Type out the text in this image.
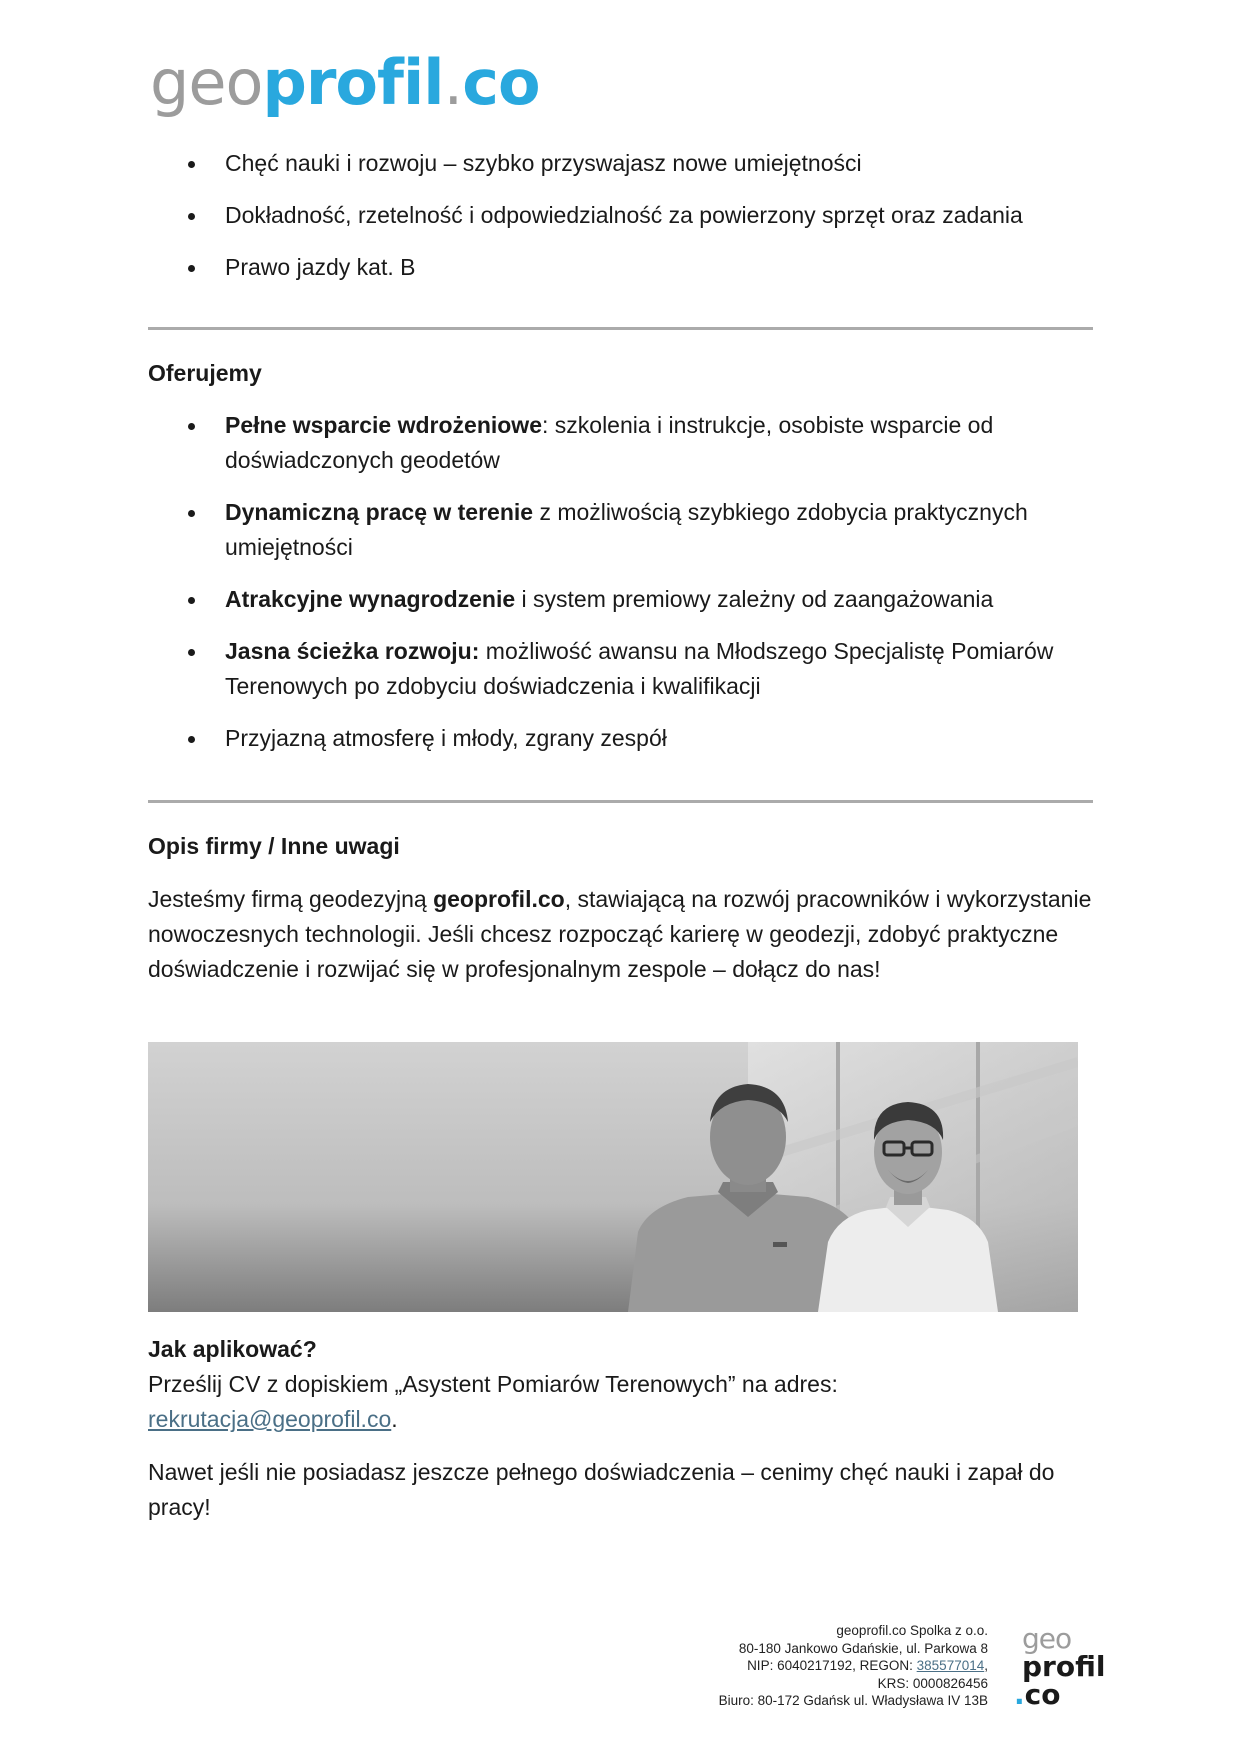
geoprofil.co
Chęć nauki i rozwoju – szybko przyswajasz nowe umiejętności
Dokładność, rzetelność i odpowiedzialność za powierzony sprzęt oraz zadania
Prawo jazdy kat. B
Oferujemy
Pełne wsparcie wdrożeniowe: szkolenia i instrukcje, osobiste wsparcie od doświadczonych geodetów
Dynamiczną pracę w terenie z możliwością szybkiego zdobycia praktycznych umiejętności
Atrakcyjne wynagrodzenie i system premiowy zależny od zaangażowania
Jasna ścieżka rozwoju: możliwość awansu na Młodszego Specjalistę Pomiarów Terenowych po zdobyciu doświadczenia i kwalifikacji
Przyjazną atmosferę i młody, zgrany zespół
Opis firmy / Inne uwagi
Jesteśmy firmą geodezyjną geoprofil.co, stawiającą na rozwój pracowników i wykorzystanie nowoczesnych technologii. Jeśli chcesz rozpocząć karierę w geodezji, zdobyć praktyczne doświadczenie i rozwijać się w profesjonalnym zespole – dołącz do nas!
Jak aplikować?
Prześlij CV z dopiskiem „Asystent Pomiarów Terenowych” na adres:
rekrutacja@geoprofil.co.
Nawet jeśli nie posiadasz jeszcze pełnego doświadczenia – cenimy chęć nauki i zapał do pracy!
geoprofil.co Spolka z o.o.
80-180 Jankowo Gdańskie, ul. Parkowa 8
NIP: 6040217192, REGON: 385577014,
KRS: 0000826456
Biuro: 80-172 Gdańsk ul. Władysława IV 13B
geo
profil
.co
